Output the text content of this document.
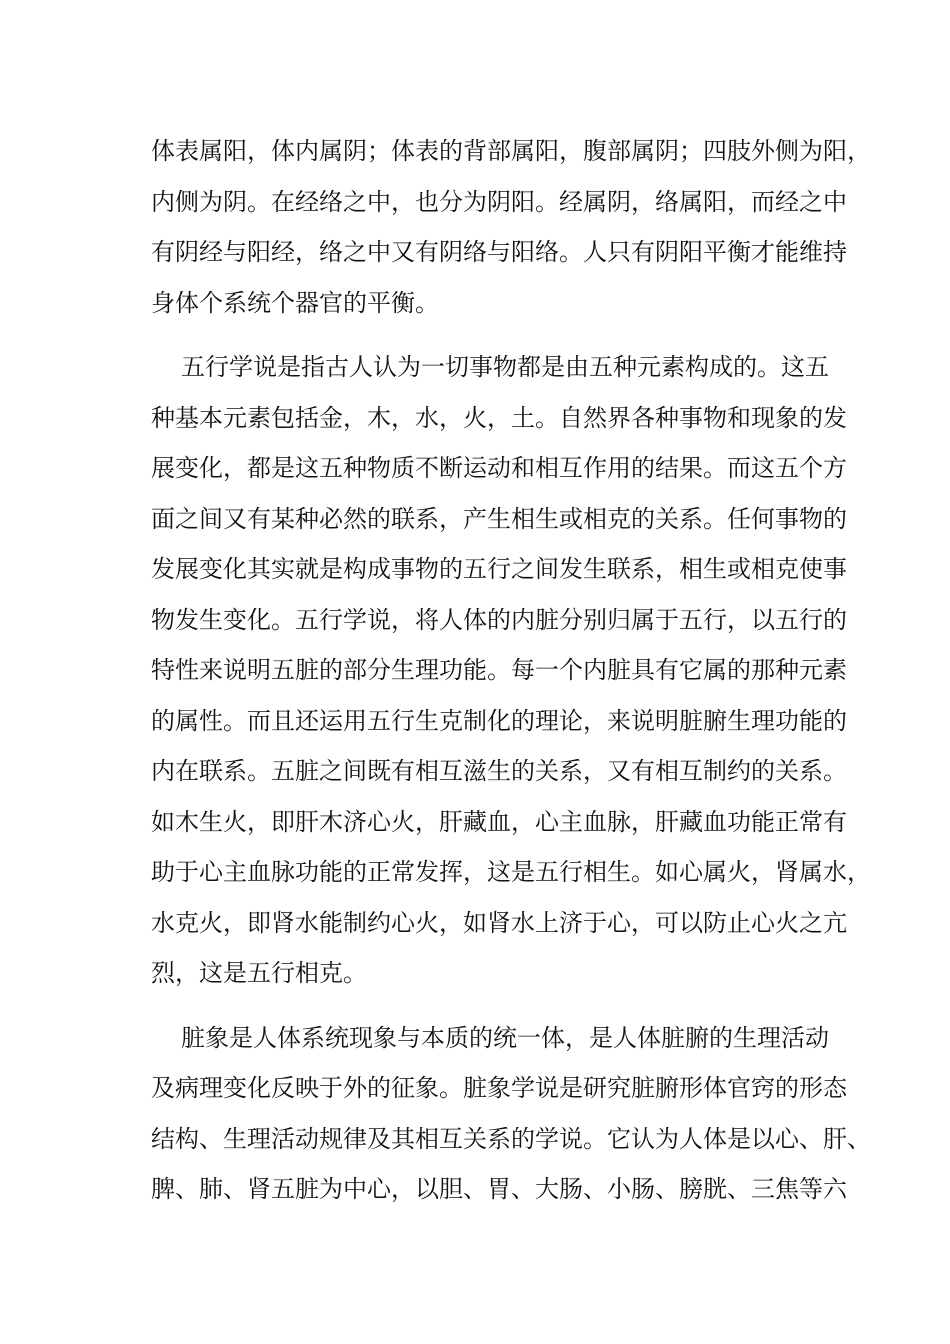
体表属阳，体内属阴；体表的背部属阳，腹部属阴；四肢外侧为阳，
内侧为阴。在经络之中，也分为阴阳。经属阴，络属阳，而经之中
有阴经与阳经，络之中又有阴络与阳络。人只有阴阳平衡才能维持
身体个系统个器官的平衡。
五行学说是指古人认为一切事物都是由五种元素构成的。这五
种基本元素包括金，木，水，火，土。自然界各种事物和现象的发
展变化，都是这五种物质不断运动和相互作用的结果。而这五个方
面之间又有某种必然的联系，产生相生或相克的关系。任何事物的
发展变化其实就是构成事物的五行之间发生联系，相生或相克使事
物发生变化。五行学说，将人体的内脏分别归属于五行，以五行的
特性来说明五脏的部分生理功能。每一个内脏具有它属的那种元素
的属性。而且还运用五行生克制化的理论，来说明脏腑生理功能的
内在联系。五脏之间既有相互滋生的关系，又有相互制约的关系。
如木生火，即肝木济心火，肝藏血，心主血脉，肝藏血功能正常有
助于心主血脉功能的正常发挥，这是五行相生。如心属火，肾属水，
水克火，即肾水能制约心火，如肾水上济于心，可以防止心火之亢
烈，这是五行相克。
脏象是人体系统现象与本质的统一体，是人体脏腑的生理活动
及病理变化反映于外的征象。脏象学说是研究脏腑形体官窍的形态
结构、生理活动规律及其相互关系的学说。它认为人体是以心、肝、
脾、肺、肾五脏为中心，以胆、胃、大肠、小肠、膀胱、三焦等六
